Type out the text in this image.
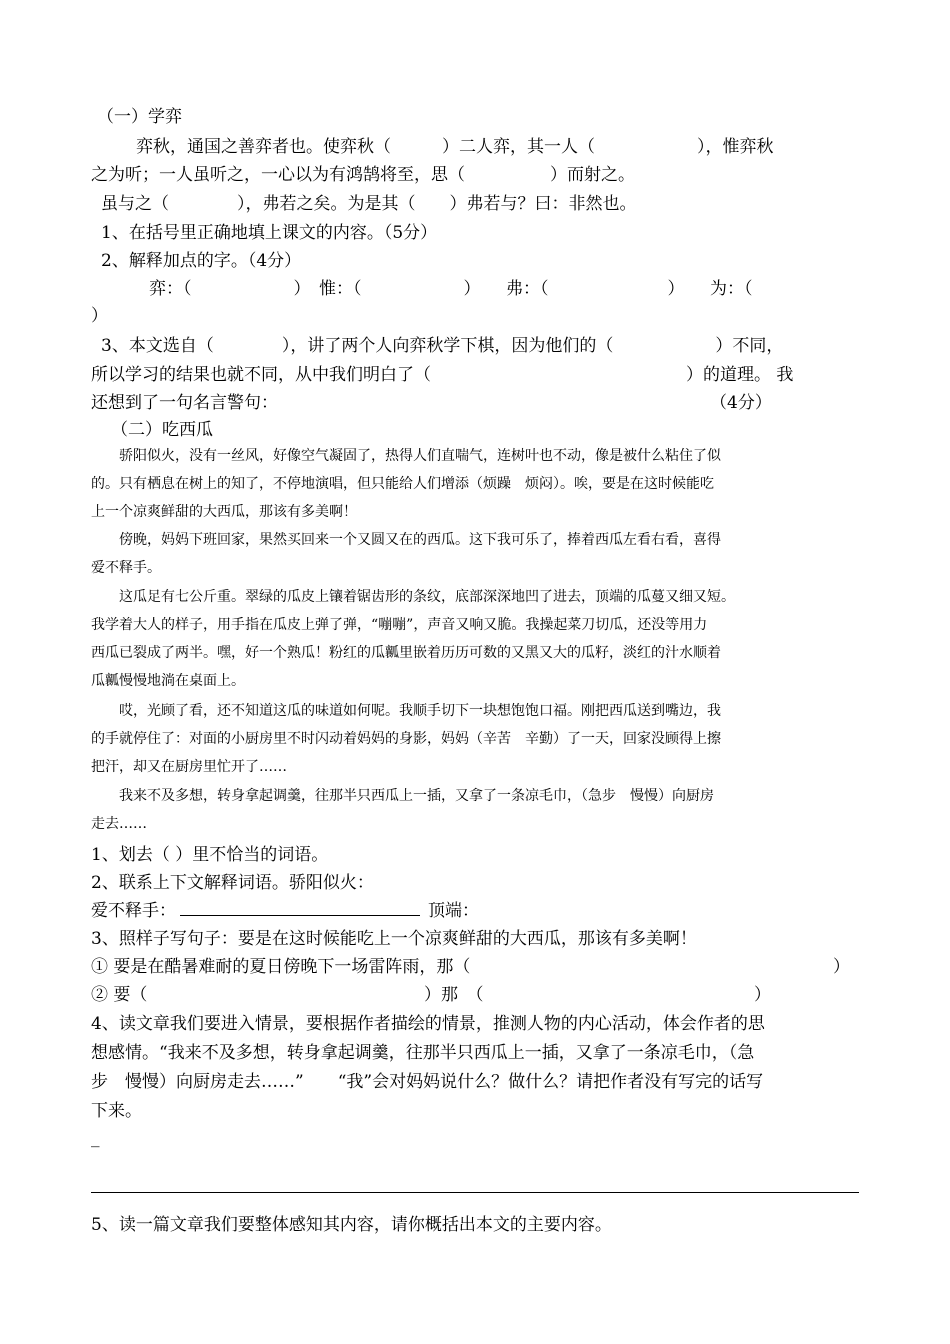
（一）学弈
弈秋，通国之善弈者也。使弈秋（　　　）二人弈，其一人（　　　　　　），惟弈秋
之为听；一人虽听之，一心以为有鸿鹄将至，思（　　　　　）而射之。
虽与之（　　　　），弗若之矣。为是其（　　）弗若与？曰：非然也。
1、在括号里正确地填上课文的内容。（5分）
2、解释加点的字。（4分）
弈：（　　　　　　）　惟：（　　　　　　）　　弗：（　　　　　　　）　　为：（
）
3、本文选自（　　　　），讲了两个人向弈秋学下棋，因为他们的（　　　　　　）不同，
所以学习的结果也就不同，从中我们明白了（　　　　　　　　　　　　　　　）的道理。 我
还想到了一句名言警句：	（4分）
（二）吃西瓜
骄阳似火，没有一丝风，好像空气凝固了，热得人们直喘气，连树叶也不动，像是被什么粘住了似
的。只有栖息在树上的知了，不停地演唱，但只能给人们增添（烦躁　烦闷）。唉，要是在这时候能吃
上一个凉爽鲜甜的大西瓜，那该有多美啊！
傍晚，妈妈下班回家，果然买回来一个又圆又在的西瓜。这下我可乐了，捧着西瓜左看右看，喜得
爱不释手。
这瓜足有七公斤重。翠绿的瓜皮上镶着锯齿形的条纹，底部深深地凹了进去，顶端的瓜蔓又细又短。
我学着大人的样子，用手指在瓜皮上弹了弹，“嘣嘣”，声音又响又脆。我操起菜刀切瓜，还没等用力
西瓜已裂成了两半。嘿，好一个熟瓜！粉红的瓜瓤里嵌着历历可数的又黑又大的瓜籽，淡红的汁水顺着
瓜瓤慢慢地淌在桌面上。
哎，光顾了看，还不知道这瓜的味道如何呢。我顺手切下一块想饱饱口福。刚把西瓜送到嘴边，我
的手就停住了：对面的小厨房里不时闪动着妈妈的身影，妈妈（辛苦　辛勤）了一天，回家没顾得上擦
把汗，却又在厨房里忙开了……
我来不及多想，转身拿起调羹，往那半只西瓜上一插，又拿了一条凉毛巾，（急步　慢慢）向厨房
走去……
1、划去（ ）里不恰当的词语。
2、联系上下文解释词语。骄阳似火：
爱不释手：	顶端：
3、照样子写句子：要是在这时候能吃上一个凉爽鲜甜的大西瓜，那该有多美啊！
① 要是在酷暑难耐的夏日傍晚下一场雷阵雨，那（	）
② 要（	）那　（	）
4、读文章我们要进入情景，要根据作者描绘的情景，推测人物的内心活动，体会作者的思
想感情。“我来不及多想，转身拿起调羹，往那半只西瓜上一插，又拿了一条凉毛巾，（急
步　慢慢）向厨房走去……”　　“我”会对妈妈说什么？做什么？请把作者没有写完的话写
下来。
_
5、读一篇文章我们要整体感知其内容，请你概括出本文的主要内容。
